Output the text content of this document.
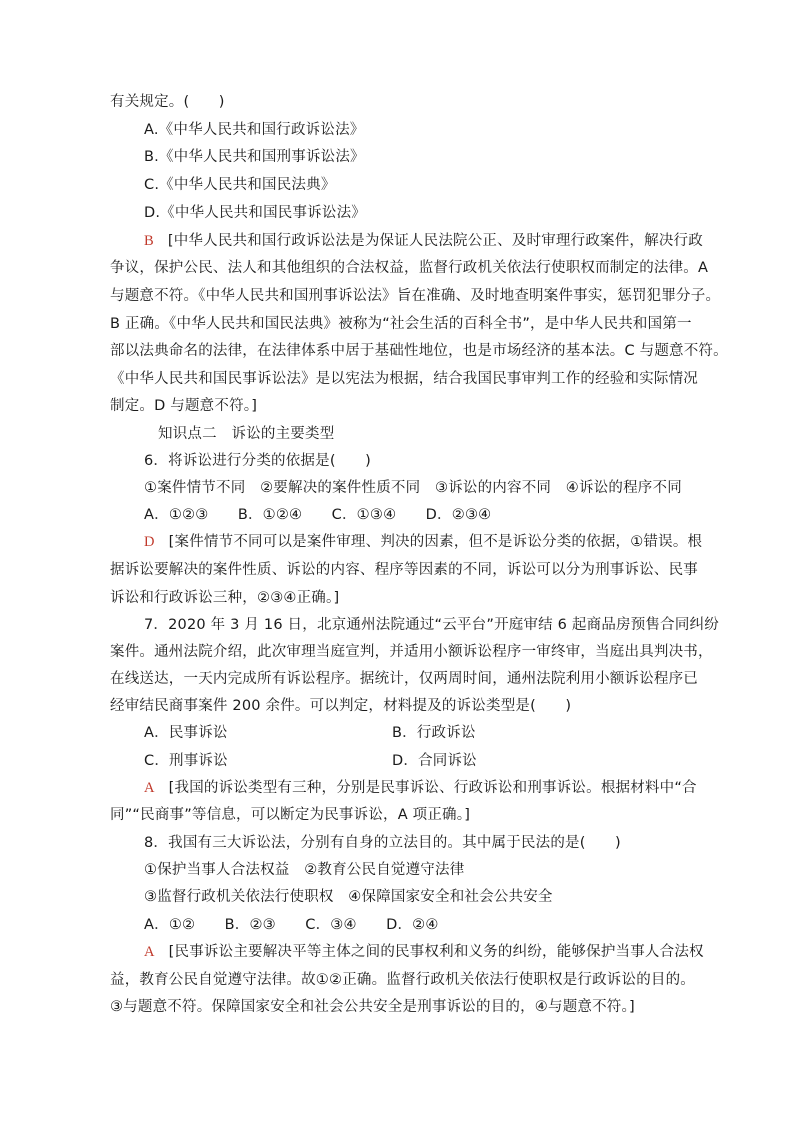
有关规定。(　　)
A.《中华人民共和国行政诉讼法》
B.《中华人民共和国刑事诉讼法》
C.《中华人民共和国民法典》
D.《中华人民共和国民事诉讼法》
B [中华人民共和国行政诉讼法是为保证人民法院公正、及时审理行政案件，解决行政
争议，保护公民、法人和其他组织的合法权益，监督行政机关依法行使职权而制定的法律。A
与题意不符。《中华人民共和国刑事诉讼法》旨在准确、及时地查明案件事实，惩罚犯罪分子。
B 正确。《中华人民共和国民法典》被称为“社会生活的百科全书”，是中华人民共和国第一
部以法典命名的法律，在法律体系中居于基础性地位，也是市场经济的基本法。C 与题意不符。
《中华人民共和国民事诉讼法》是以宪法为根据，结合我国民事审判工作的经验和实际情况
制定。D 与题意不符。]
知识点二　诉讼的主要类型
6．将诉讼进行分类的依据是(　　)
①案件情节不同　②要解决的案件性质不同　③诉讼的内容不同　④诉讼的程序不同
A．①②③　　B．①②④　　C．①③④　　D．②③④
D [案件情节不同可以是案件审理、判决的因素，但不是诉讼分类的依据，①错误。根
据诉讼要解决的案件性质、诉讼的内容、程序等因素的不同，诉讼可以分为刑事诉讼、民事
诉讼和行政诉讼三种，②③④正确。]
7．2020 年 3 月 16 日，北京通州法院通过“云平台”开庭审结 6 起商品房预售合同纠纷
案件。通州法院介绍，此次审理当庭宣判，并适用小额诉讼程序一审终审，当庭出具判决书，
在线送达，一天内完成所有诉讼程序。据统计，仅两周时间，通州法院利用小额诉讼程序已
经审结民商事案件 200 余件。可以判定，材料提及的诉讼类型是(　　)
A．民事诉讼	B．行政诉讼
C．刑事诉讼	D．合同诉讼
A [我国的诉讼类型有三种，分别是民事诉讼、行政诉讼和刑事诉讼。根据材料中“合
同”“民商事”等信息，可以断定为民事诉讼，A 项正确。]
8．我国有三大诉讼法，分别有自身的立法目的。其中属于民法的是(　　)
①保护当事人合法权益　②教育公民自觉遵守法律
③监督行政机关依法行使职权　④保障国家安全和社会公共安全
A．①②　　B．②③　　C．③④　　D．②④
A [民事诉讼主要解决平等主体之间的民事权利和义务的纠纷，能够保护当事人合法权
益，教育公民自觉遵守法律。故①②正确。监督行政机关依法行使职权是行政诉讼的目的。
③与题意不符。保障国家安全和社会公共安全是刑事诉讼的目的，④与题意不符。]
